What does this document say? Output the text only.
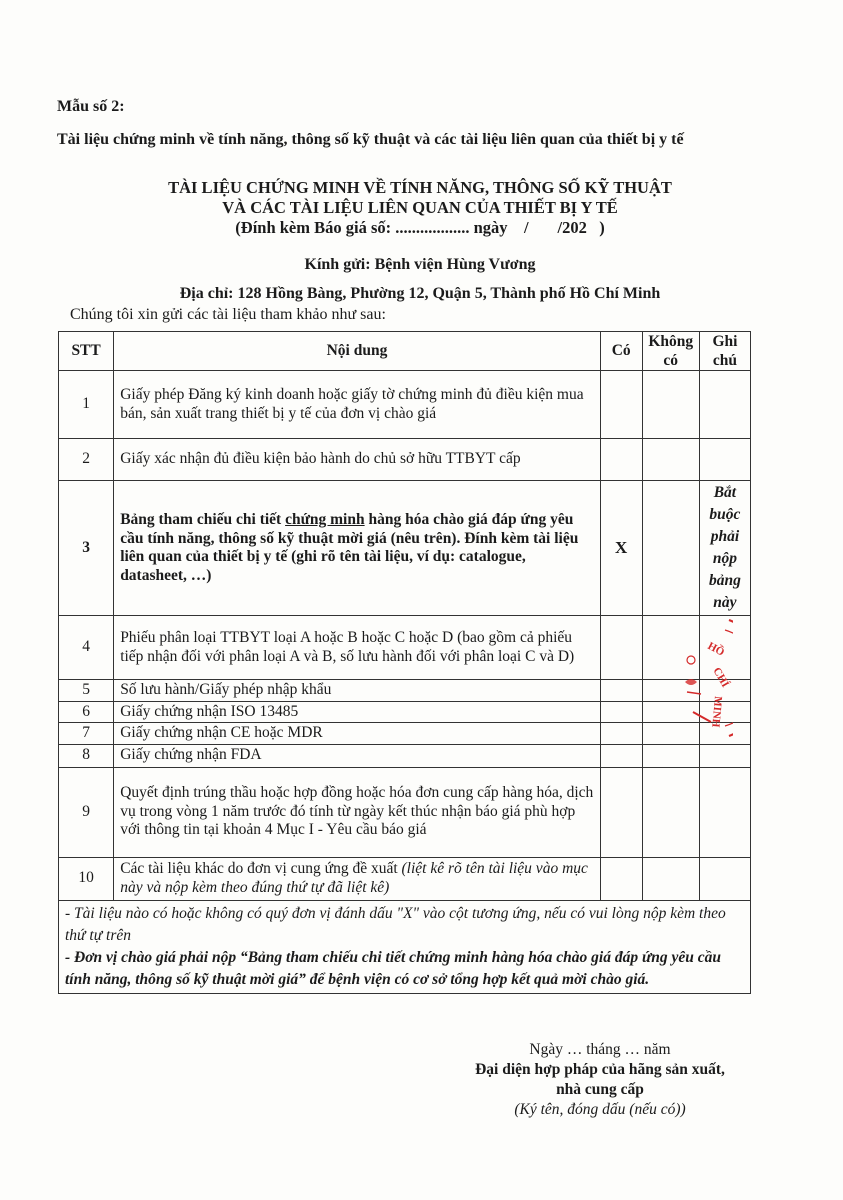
Mẫu số 2:
Tài liệu chứng minh về tính năng, thông số kỹ thuật và các tài liệu liên quan của thiết bị y tế
TÀI LIỆU CHỨNG MINH VỀ TÍNH NĂNG, THÔNG SỐ KỸ THUẬT
VÀ CÁC TÀI LIỆU LIÊN QUAN CỦA THIẾT BỊ Y TẾ
(Đính kèm Báo giá số: .................. ngày    /       /202   )
Kính gửi: Bệnh viện Hùng Vương
Địa chỉ: 128 Hồng Bàng, Phường 12, Quận 5, Thành phố Hồ Chí Minh
Chúng tôi xin gửi các tài liệu tham khảo như sau:
STT	Nội dung	Có	Không có	Ghi chú
1	Giấy phép Đăng ký kinh doanh hoặc giấy tờ chứng minh đủ điều kiện mua bán, sản xuất trang thiết bị y tế của đơn vị chào giá			
2	Giấy xác nhận đủ điều kiện bảo hành do chủ sở hữu TTBYT cấp			
3	Bảng tham chiếu chi tiết chứng minh hàng hóa chào giá đáp ứng yêu cầu tính năng, thông số kỹ thuật mời giá (nêu trên). Đính kèm tài liệu liên quan của thiết bị y tế (ghi rõ tên tài liệu, ví dụ: catalogue, datasheet, …)	X		Bắt buộc phải nộp bảng này
4	Phiếu phân loại TTBYT loại A hoặc B hoặc C hoặc D (bao gồm cả phiếu tiếp nhận đối với phân loại A và B, số lưu hành đối với phân loại C và D)			
5	Số lưu hành/Giấy phép nhập khẩu			
6	Giấy chứng nhận ISO 13485			
7	Giấy chứng nhận CE hoặc MDR			
8	Giấy chứng nhận FDA			
9	Quyết định trúng thầu hoặc hợp đồng hoặc hóa đơn cung cấp hàng hóa, dịch vụ trong vòng 1 năm trước đó tính từ ngày kết thúc nhận báo giá phù hợp với thông tin tại khoản 4 Mục I - Yêu cầu báo giá			
10	Các tài liệu khác do đơn vị cung ứng đề xuất (liệt kê rõ tên tài liệu vào mục này và nộp kèm theo đúng thứ tự đã liệt kê)			

- Tài liệu nào có hoặc không có quý đơn vị đánh dấu "X" vào cột tương ứng, nếu có vui lòng nộp kèm theo thứ tự trên
- Đơn vị chào giá phải nộp “Bảng tham chiếu chi tiết chứng minh hàng hóa chào giá đáp ứng yêu cầu tính năng, thông số kỹ thuật mời giá” để bệnh viện có cơ sở tổng hợp kết quả mời chào giá.				
HỒ
CHÍ
MINH
Ngày … tháng … năm
Đại diện hợp pháp của hãng sản xuất,
nhà cung cấp
(Ký tên, đóng dấu (nếu có))
